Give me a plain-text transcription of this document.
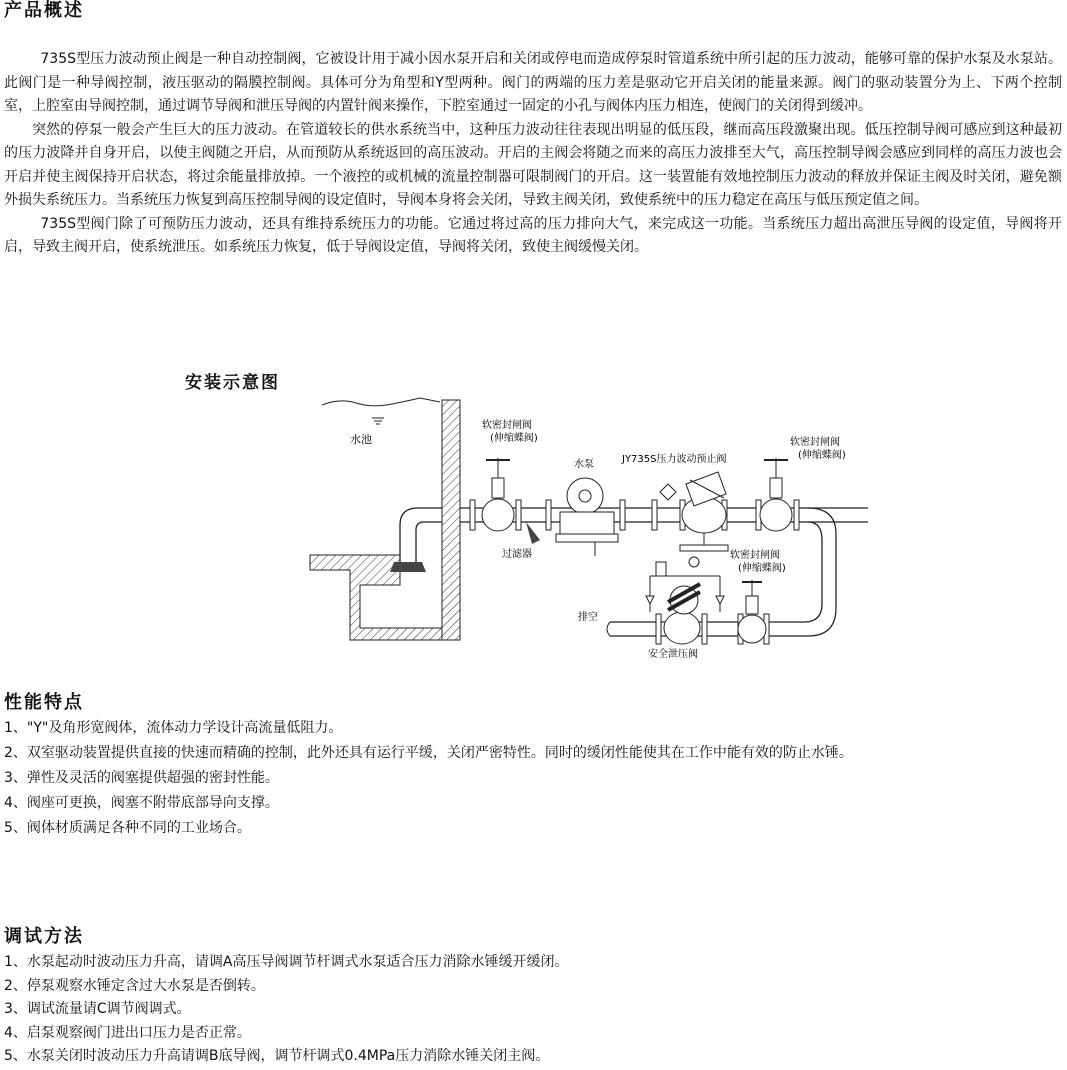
产品概述

735S型压力波动预止阀是一种自动控制阀，它被设计用于减小因水泵开启和关闭或停电而造成停泵时管道系统中所引起的压力波动，能够可靠的保护水泵及水泵站。此阀门是一种导阀控制，液压驱动的隔膜控制阀。具体可分为角型和Y型两种。阀门的两端的压力差是驱动它开启关闭的能量来源。阀门的驱动装置分为上、下两个控制室，上腔室由导阀控制，通过调节导阀和泄压导阀的内置针阀来操作，下腔室通过一固定的小孔与阀体内压力相连，使阀门的关闭得到缓冲。

突然的停泵一般会产生巨大的压力波动。在管道较长的供水系统当中，这种压力波动往往表现出明显的低压段，继而高压段激聚出现。低压控制导阀可感应到这种最初的压力波降并自身开启，以使主阀随之开启，从而预防从系统返回的高压波动。开启的主阀会将随之而来的高压力波排至大气，高压控制导阀会感应到同样的高压力波也会开启并使主阀保持开启状态，将过余能量排放掉。一个液控的或机械的流量控制器可限制阀门的开启。这一装置能有效地控制压力波动的释放并保证主阀及时关闭，避免额外损失系统压力。当系统压力恢复到高压控制导阀的设定值时，导阀本身将会关闭，导致主阀关闭，致使系统中的压力稳定在高压与低压预定值之间。

735S型阀门除了可预防压力波动，还具有维持系统压力的功能。它通过将过高的压力排向大气，来完成这一功能。当系统压力超出高泄压导阀的设定值，导阀将开启，导致主阀开启，使系统泄压。如系统压力恢复，低于导阀设定值，导阀将关闭，致使主阀缓慢关闭。

安装示意图
水池
软密封闸阀
(伸缩蝶阀)
过滤器
水泵	JY735S压力波动预止阀
软密封闸阀
(伸缩蝶阀)
安全泄压阀
排空
软密封闸阀
(伸缩蝶阀)
性能特点
1、"Y"及角形宽阀体，流体动力学设计高流量低阻力。
2、双室驱动装置提供直接的快速而精确的控制，此外还具有运行平缓，关闭严密特性。同时的缓闭性能使其在工作中能有效的防止水锤。
3、弹性及灵活的阀塞提供超强的密封性能。
4、阀座可更换，阀塞不附带底部导向支撑。
5、阀体材质满足各种不同的工业场合。
调试方法
1、水泵起动时波动压力升高，请调A高压导阀调节杆调式水泵适合压力消除水锤缓开缓闭。
2、停泵观察水锤定含过大水泵是否倒转。
3、调试流量请C调节阀调式。
4、启泵观察阀门进出口压力是否正常。
5、水泵关闭时波动压力升高请调B底导阀，调节杆调式0.4MPa压力消除水锤关闭主阀。
